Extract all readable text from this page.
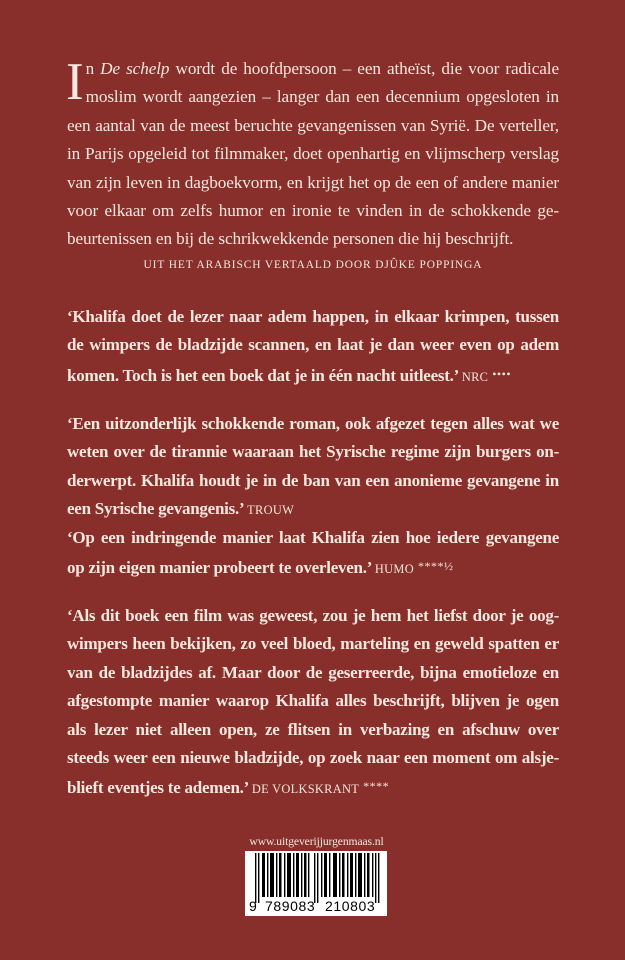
In De schelp wordt de hoofdpersoon – een atheïst, die voor radicale moslim wordt aangezien – langer dan een decennium opgesloten in een aantal van de meest beruchte gevangenissen van Syrië. De verteller, in Parijs opgeleid tot filmmaker, doet openhartig en vlijmscherp verslag van zijn leven in dagboekvorm, en krijgt het op de een of andere manier voor elkaar om zelfs humor en ironie te vinden in de schokkende ge-beurtenissen en bij de schrikwekkende personen die hij beschrijft.

UIT HET ARABISCH VERTAALD DOOR DJÛKE POPPINGA

‘Khalifa doet de lezer naar adem happen, in elkaar krimpen, tussen de wimpers de bladzijde scannen, en laat je dan weer even op adem komen. Toch is het een boek dat je in één nacht uitleest.’ NRC ••••

‘Een uitzonderlijk schokkende roman, ook afgezet tegen alles wat we weten over de tirannie waaraan het Syrische regime zijn burgers on-derwerpt. Khalifa houdt je in de ban van een anonieme gevangene in een Syrische gevangenis.’ TROUW

‘Op een indringende manier laat Khalifa zien hoe iedere gevangene op zijn eigen manier probeert te overleven.’ HUMO ****½

‘Als dit boek een film was geweest, zou je hem het liefst door je oog-wimpers heen bekijken, zo veel bloed, marteling en geweld spatten er van de bladzijdes af. Maar door de geserreerde, bijna emotieloze en afgestompte manier waarop Khalifa alles beschrijft, blijven je ogen als lezer niet alleen open, ze flitsen in verbazing en afschuw over steeds weer een nieuwe bladzijde, op zoek naar een moment om alsje-blieft eventjes te ademen.’ DE VOLKSKRANT ****

www.uitgeverijjurgenmaas.nl
9 789083 210803
